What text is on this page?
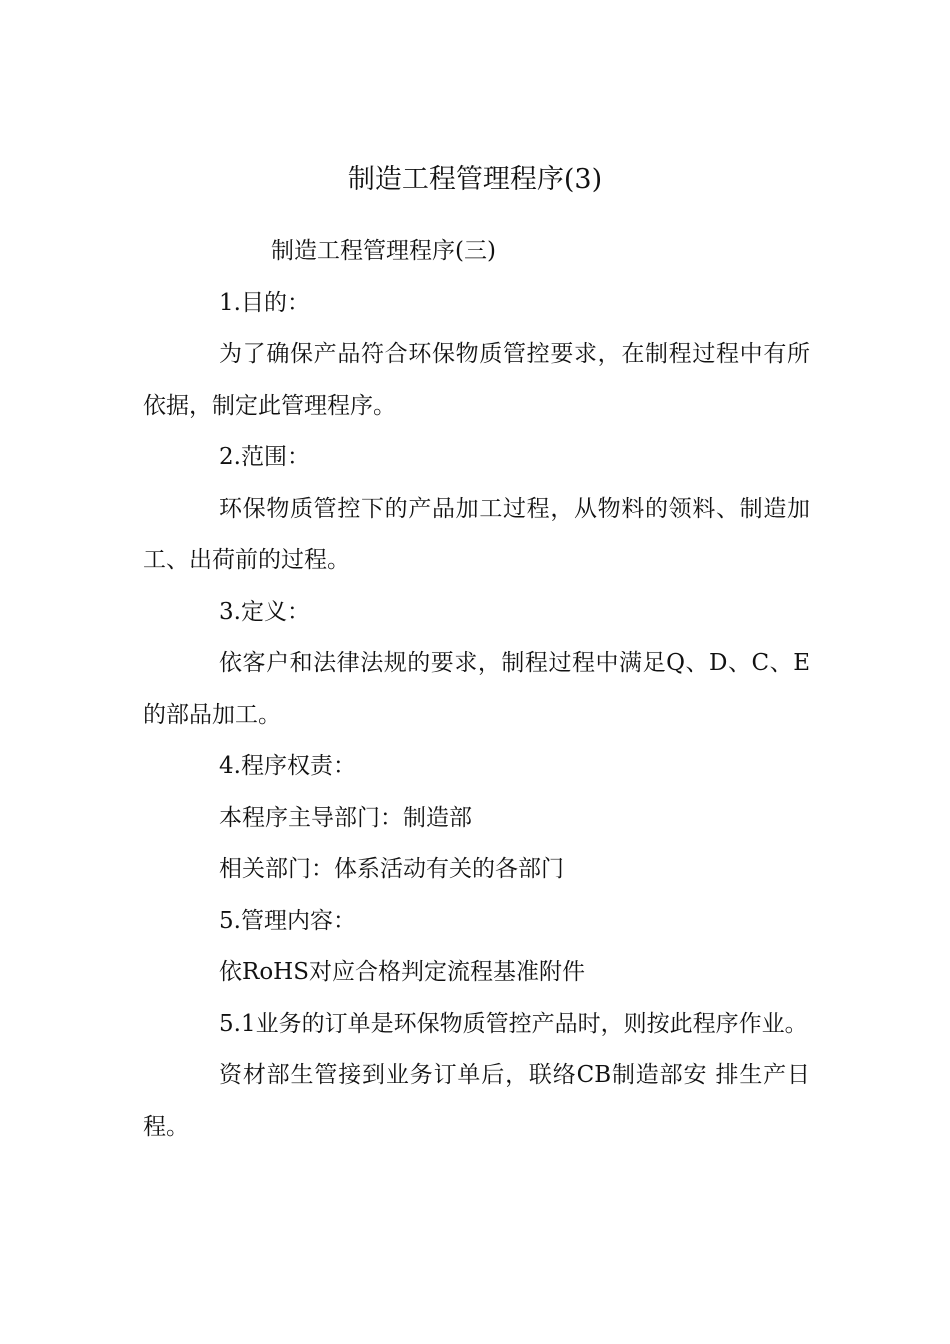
制造工程管理程序(3)

制造工程管理程序(三)

1.目的：

为了确保产品符合环保物质管控要求，在制程过程中有所依据，制定此管理程序。

2.范围：

环保物质管控下的产品加工过程，从物料的领料、制造加工、出荷前的过程。

3.定义：

依客户和法律法规的要求，制程过程中满足Q、D、C、E的部品加工。

4.程序权责：

本程序主导部门：制造部

相关部门：体系活动有关的各部门

5.管理内容：

依RoHS对应合格判定流程基准附件

5.1业务的订单是环保物质管控产品时，则按此程序作业。

资材部生管接到业务订单后，联络CB制造部安 排生产日程。
